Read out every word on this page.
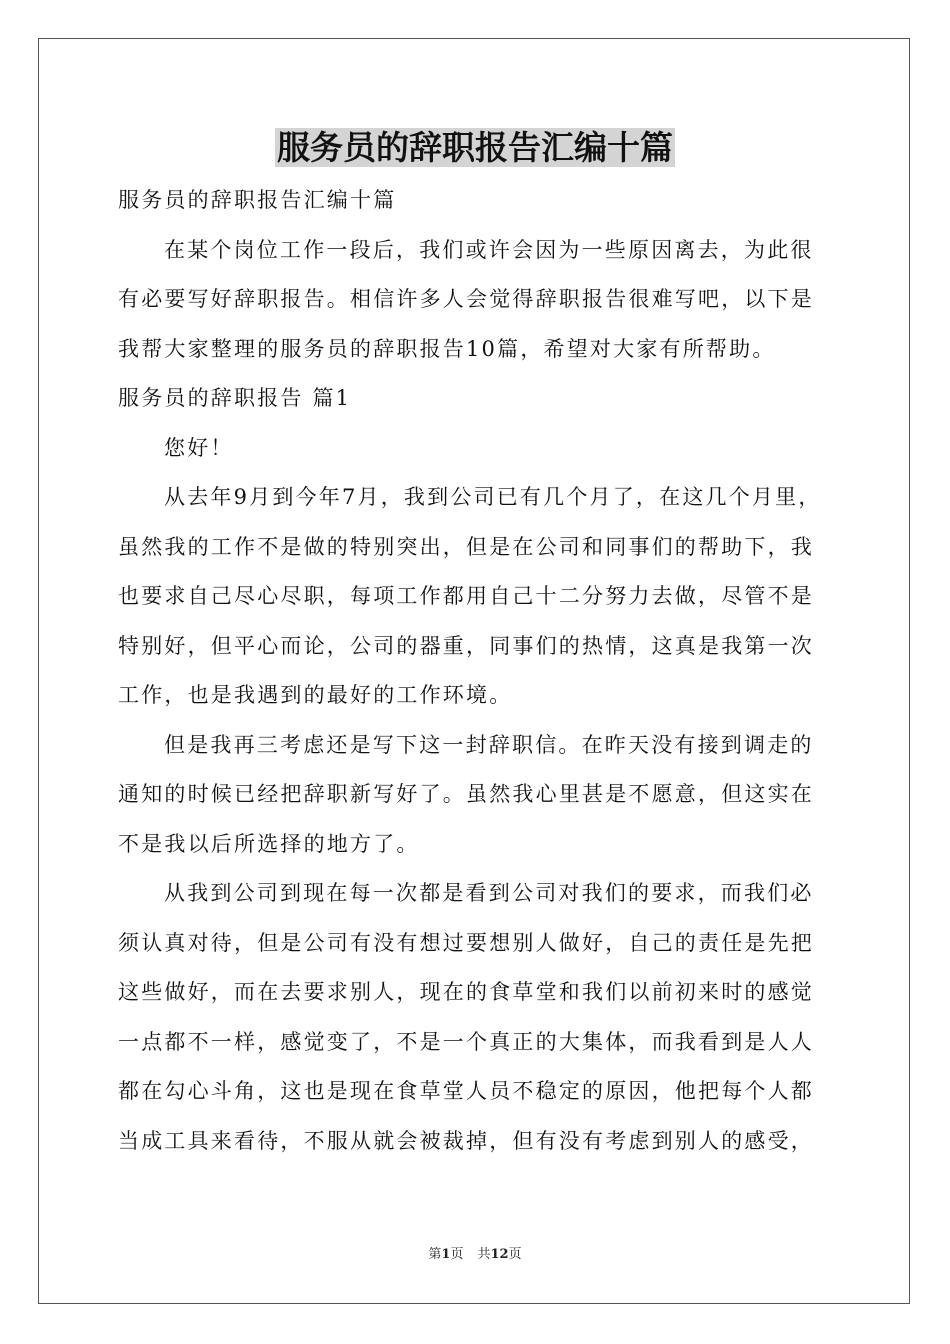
服务员的辞职报告汇编十篇
服务员的辞职报告汇编十篇
在某个岗位工作一段后，我们或许会因为一些原因离去，为此很
有必要写好辞职报告。相信许多人会觉得辞职报告很难写吧，以下是
我帮大家整理的服务员的辞职报告10篇，希望对大家有所帮助。
服务员的辞职报告 篇1
您好！
从去年9月到今年7月，我到公司已有几个月了，在这几个月里，
虽然我的工作不是做的特别突出，但是在公司和同事们的帮助下，我
也要求自己尽心尽职，每项工作都用自己十二分努力去做，尽管不是
特别好，但平心而论，公司的器重，同事们的热情，这真是我第一次
工作，也是我遇到的最好的工作环境。
但是我再三考虑还是写下这一封辞职信。在昨天没有接到调走的
通知的时候已经把辞职新写好了。虽然我心里甚是不愿意，但这实在
不是我以后所选择的地方了。
从我到公司到现在每一次都是看到公司对我们的要求，而我们必
须认真对待，但是公司有没有想过要想别人做好，自己的责任是先把
这些做好，而在去要求别人，现在的食草堂和我们以前初来时的感觉
一点都不一样，感觉变了，不是一个真正的大集体，而我看到是人人
都在勾心斗角，这也是现在食草堂人员不稳定的原因，他把每个人都
当成工具来看待，不服从就会被裁掉，但有没有考虑到别人的感受，
第1页 共12页
